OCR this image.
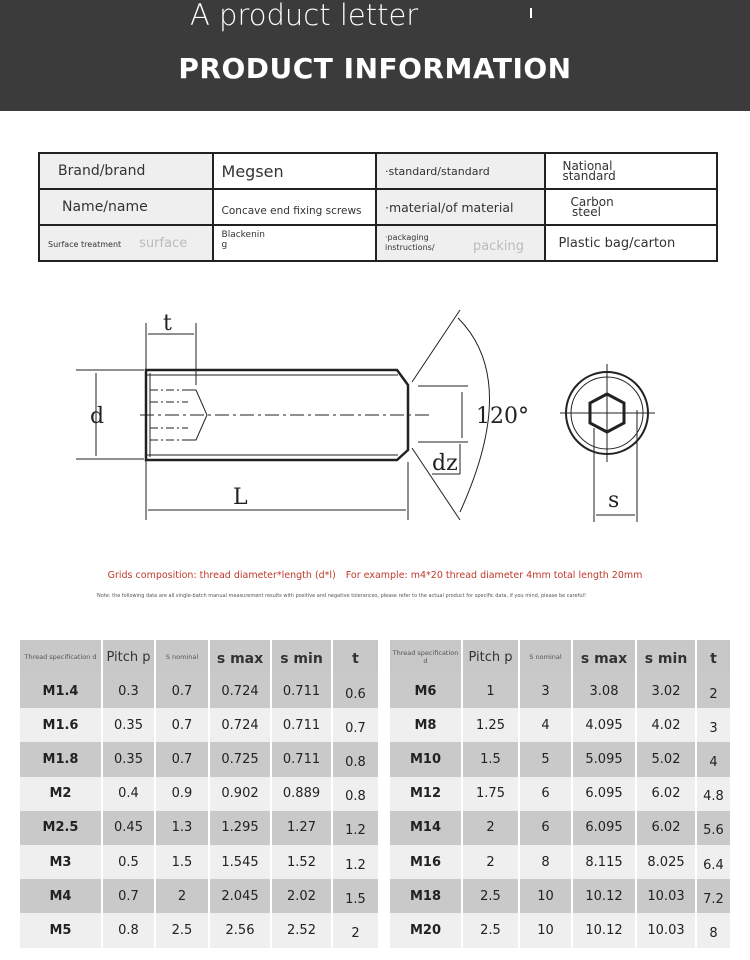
A product letter
PRODUCT INFORMATION
Brand/brand	Megsen	·standard/standard	National standard

Name/name	Concave end fixing screws	·material/of material	Carbon steel

Surface treatment surface	Blackenin g	·packaging instructions/ packing	Plastic bag/carton
t
d
L
dz
120°
s
Grids composition: thread diameter*length (d*l) For example: m4*20 thread diameter 4mm total length 20mm
Note: the following data are all single-batch manual measurement results with positive and negative tolerances, please refer to the actual product for specific data, if you mind, please be careful!
Thread specification d	Pitch p	S nominal	s max	s min	t
M1.4	0.3	0.7	0.724	0.711	0.6
M1.6	0.35	0.7	0.724	0.711	0.7
M1.8	0.35	0.7	0.725	0.711	0.8
M2	0.4	0.9	0.902	0.889	0.8
M2.5	0.45	1.3	1.295	1.27	1.2
M3	0.5	1.5	1.545	1.52	1.2
M4	0.7	2	2.045	2.02	1.5
M5	0.8	2.5	2.56	2.52	2
Thread specification d	Pitch p	S nominal	s max	s min	t
M6	1	3	3.08	3.02	2
M8	1.25	4	4.095	4.02	3
M10	1.5	5	5.095	5.02	4
M12	1.75	6	6.095	6.02	4.8
M14	2	6	6.095	6.02	5.6
M16	2	8	8.115	8.025	6.4
M18	2.5	10	10.12	10.03	7.2
M20	2.5	10	10.12	10.03	8
